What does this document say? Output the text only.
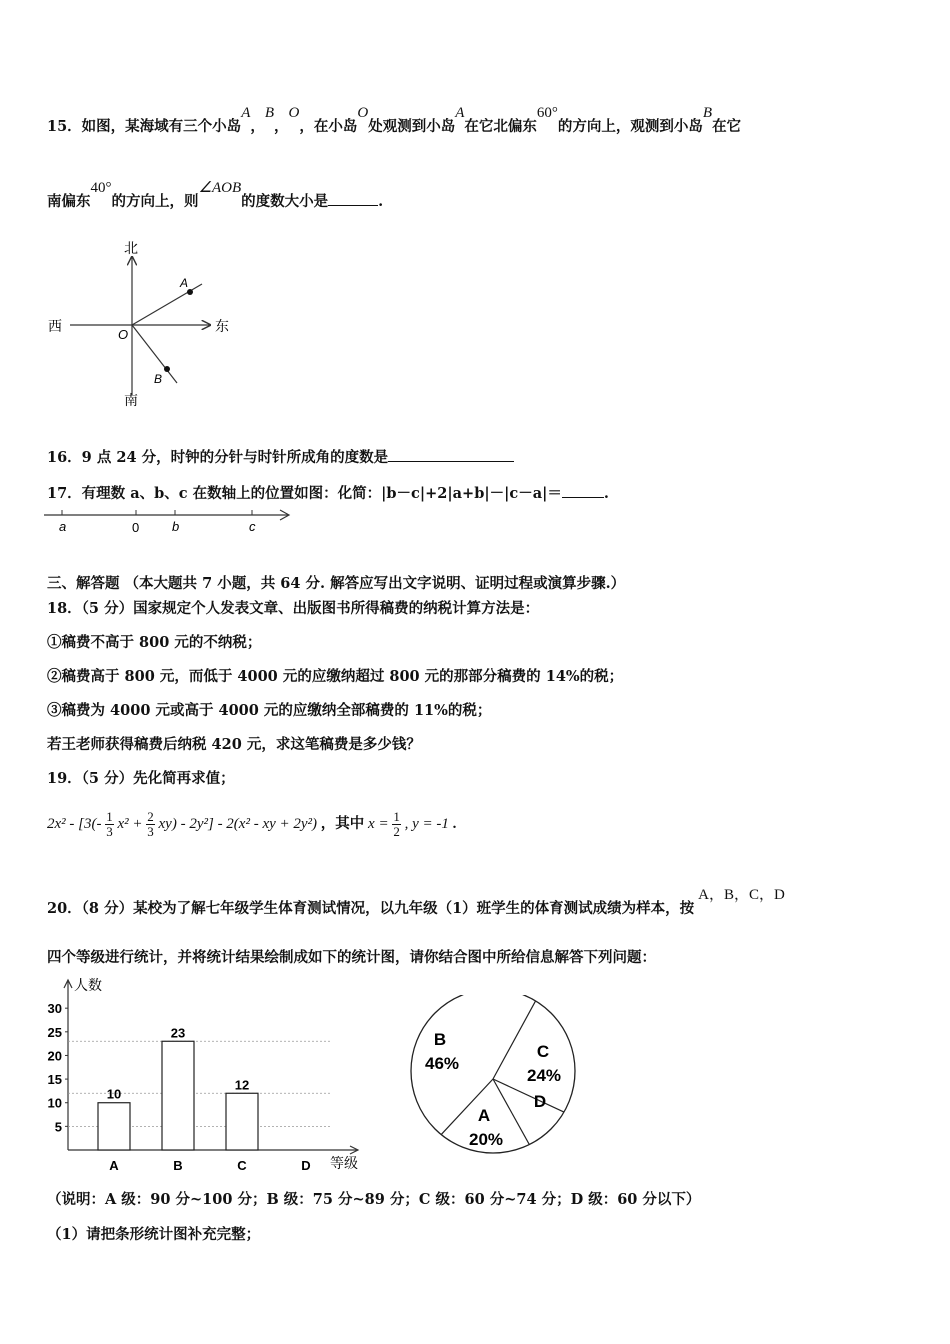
15．如图，某海域有三个小岛A，B，O，在小岛O处观测到小岛A在它北偏东60°的方向上，观测到小岛B在它
南偏东40°的方向上，则∠AOB的度数大小是	.
北
南
西	东
O
A
B
16．9 点 24 分，时钟的分针与时针所成角的度数是
17．有理数 a、b、c 在数轴上的位置如图：化简：|b－c|+2|a+b|－|c－a|＝	.
a	0	b	c
三、解答题 （本大题共 7 小题，共 64 分. 解答应写出文字说明、证明过程或演算步骤.）
18．（5 分）国家规定个人发表文章、出版图书所得稿费的纳税计算方法是：
①稿费不高于 800 元的不纳税；
②稿费高于 800 元，而低于 4000 元的应缴纳超过 800 元的那部分稿费的 14%的税；
③稿费为 4000 元或高于 4000 元的应缴纳全部稿费的 11%的税；
若王老师获得稿费后纳税 420 元，求这笔稿费是多少钱？
19．（5 分）先化简再求值；
$2x^2 - [3(- \frac{1}{3} x^2 + \frac{2}{3} xy) - 2y^2] - 2(x^2$ - xy + 2y²) ，其中 $x = \frac{1}{2}$ , y = -1 .
20．（8 分）某校为了解七年级学生体育测试情况，以九年级（1）班学生的体育测试成绩为样本，按A，B，C，D
四个等级进行统计，并将统计结果绘制成如下的统计图，请你结合图中所给信息解答下列问题：
人数
等级
5
10
15
20
25
30
10
A
23
B
12
C	D
B
46%
C
24%
D
A
20%
（说明：A 级：90 分~100 分；B 级：75 分~89 分；C 级：60 分~74 分；D 级：60 分以下）
（1）请把条形统计图补充完整；
